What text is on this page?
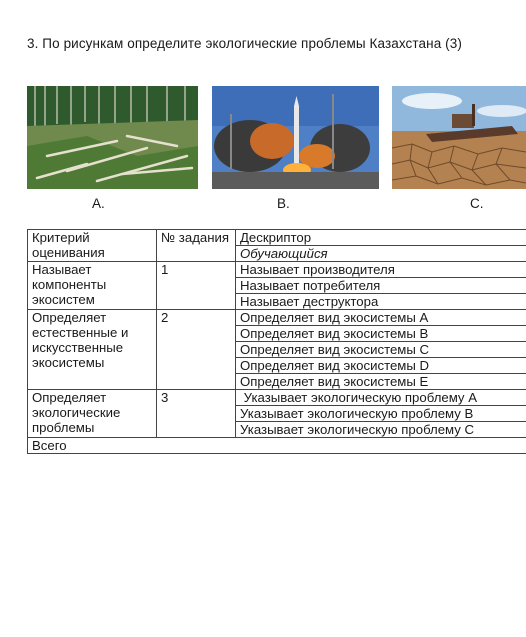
3. По рисункам определите экологические проблемы Казахстана (3)
A.	B.	C.
Критерий оценивания	№ задания	Дескриптор
		Обучающийся
Называет компоненты экосистем	1	Называет производителя
		Называет потребителя
		Называет деструктора
Определяет естественные и искусственные экосистемы	2	Определяет вид экосистемы A
		Определяет вид экосистемы B
		Определяет вид экосистемы C
		Определяет вид экосистемы D
		Определяет вид экосистемы E
Определяет экологические проблемы	3	Указывает экологическую проблему A
		Указывает экологическую проблему B
		Указывает экологическую проблему C
Всего		
